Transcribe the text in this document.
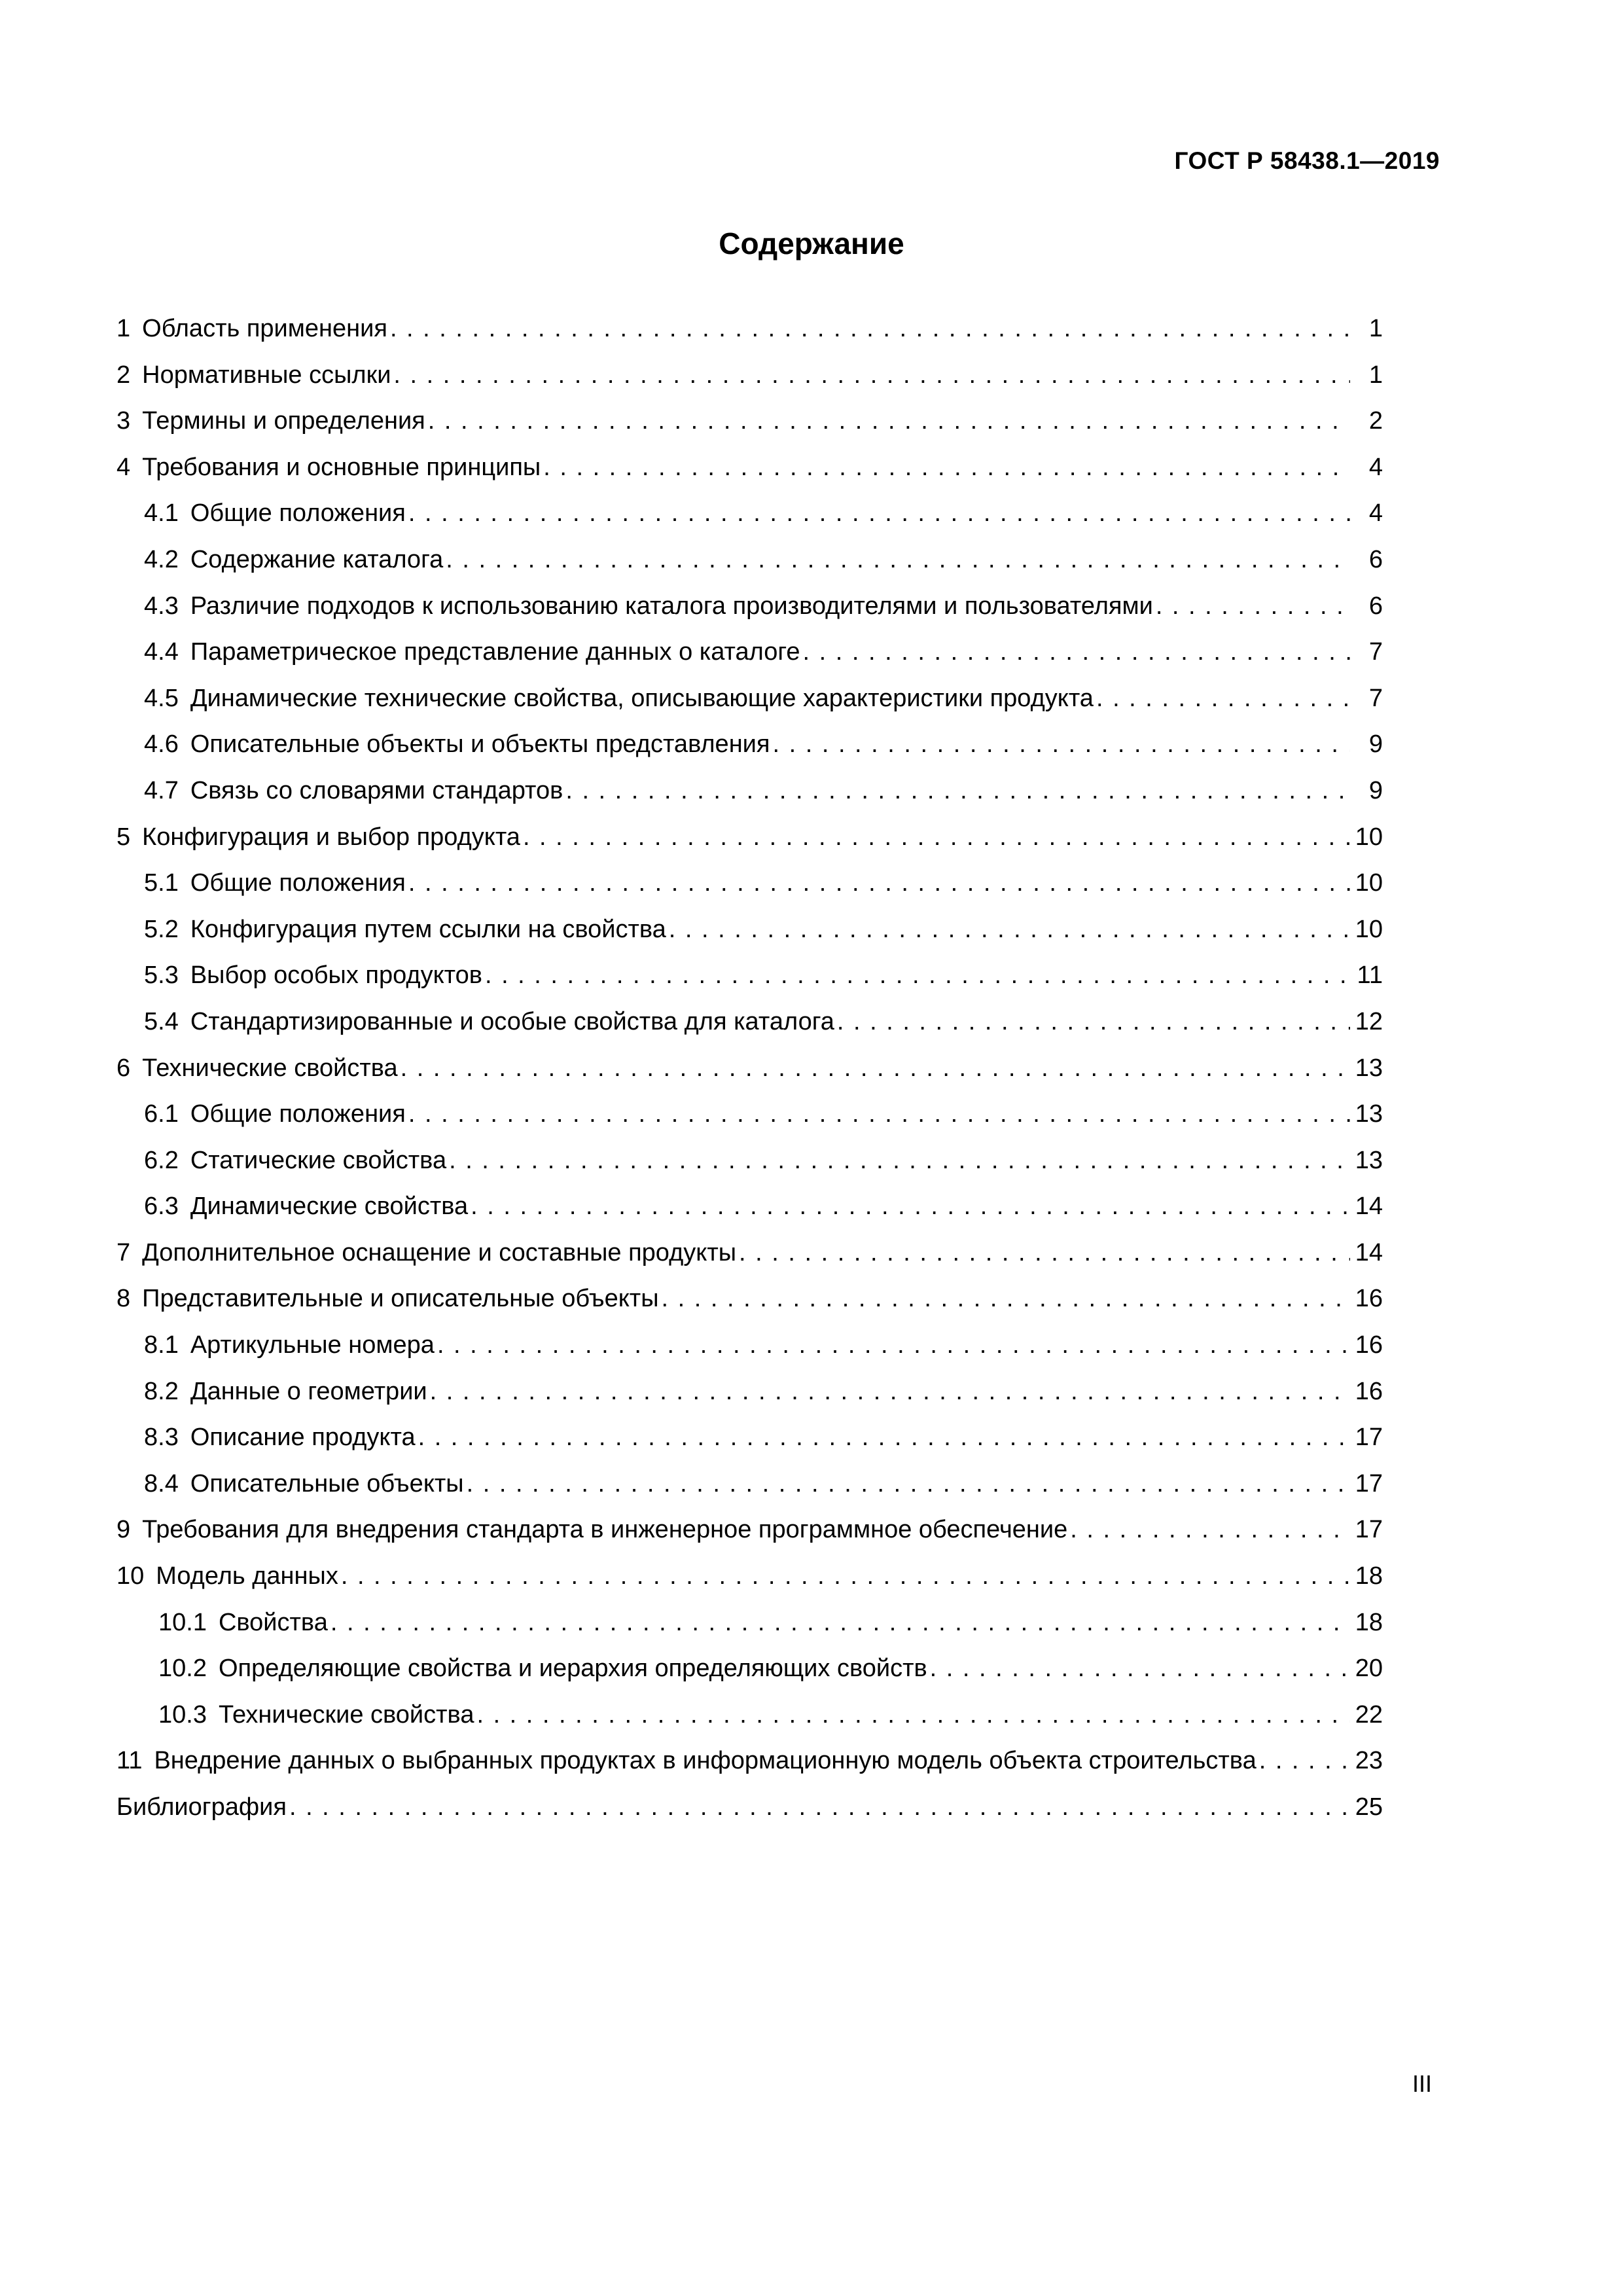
ГОСТ Р 58438.1—2019
Содержание
1 Область применения . . .	1
2 Нормативные ссылки . . .	1
3 Термины и определения . . .	2
4 Требования и основные принципы . . .	4
4.1 Общие положения . . .	4
4.2 Содержание каталога . . .	6
4.3 Различие подходов к использованию каталога производителями и пользователями . . .	6
4.4 Параметрическое представление данных о каталоге . . .	7
4.5 Динамические технические свойства, описывающие характеристики продукта . . .	7
4.6 Описательные объекты и объекты представления . . .	9
4.7 Связь со словарями стандартов . . .	9
5 Конфигурация и выбор продукта . . .	10
5.1 Общие положения . . .	10
5.2 Конфигурация путем ссылки на свойства . . .	10
5.3 Выбор особых продуктов . . .	11
5.4 Стандартизированные и особые свойства для каталога . . .	12
6 Технические свойства . . .	13
6.1 Общие положения . . .	13
6.2 Статические свойства . . .	13
6.3 Динамические свойства . . .	14
7 Дополнительное оснащение и составные продукты . . .	14
8 Представительные и описательные объекты . . .	16
8.1 Артикульные номера . . .	16
8.2 Данные о геометрии . . .	16
8.3 Описание продукта . . .	17
8.4 Описательные объекты . . .	17
9 Требования для внедрения стандарта в инженерное программное обеспечение . . .	17
10 Модель данных . . .	18
10.1 Свойства . . .	18
10.2 Определяющие свойства и иерархия определяющих свойств . . .	20
10.3 Технические свойства . . .	22
11 Внедрение данных о выбранных продуктах в информационную модель объекта строительства . . .	23
Библиография . . .	25
III
